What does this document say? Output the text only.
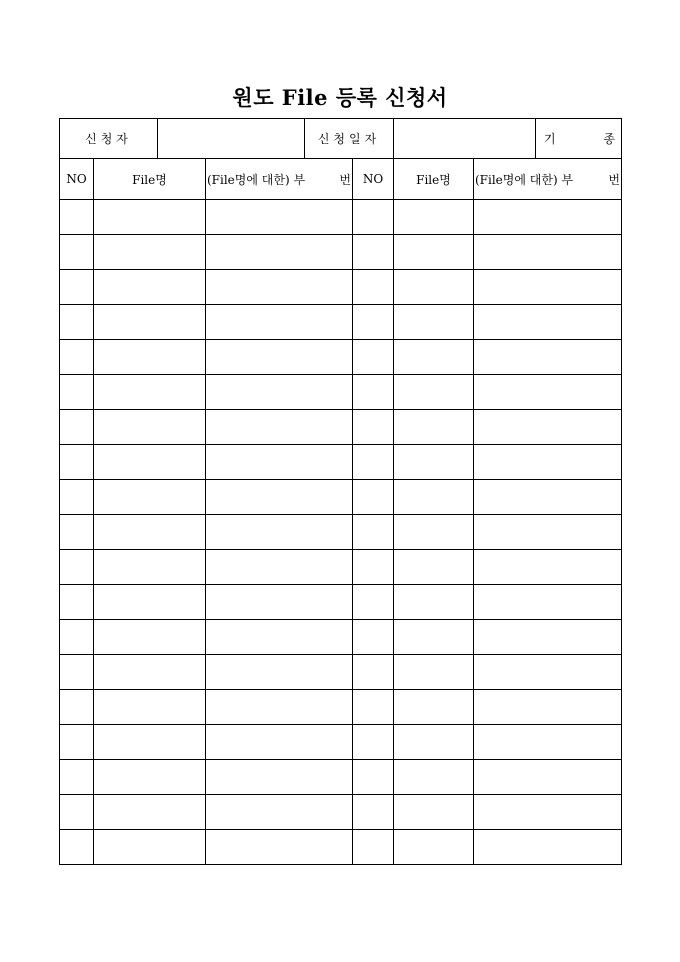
원도 File 등록 신청서
신청자		신청일자		기	종
NO	File명	(File명에 대한) 부 번	NO	File명	(File명에 대한) 부 번
